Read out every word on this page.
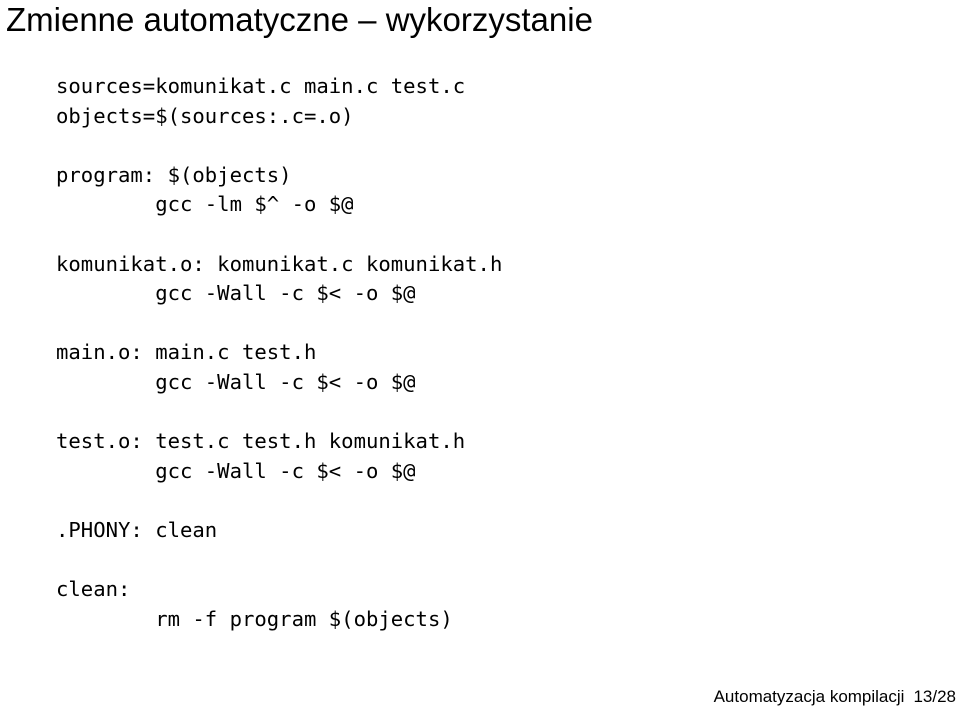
Zmienne automatyczne – wykorzystanie
sources=komunikat.c main.c test.c
objects=$(sources:.c=.o)
program: $(objects)
gcc -lm $^ -o $@
komunikat.o: komunikat.c komunikat.h
gcc -Wall -c $< -o $@
main.o: main.c test.h
gcc -Wall -c $< -o $@
test.o: test.c test.h komunikat.h
gcc -Wall -c $< -o $@
.PHONY: clean
clean:
rm -f program $(objects)
Automatyzacja kompilacji 13/28
